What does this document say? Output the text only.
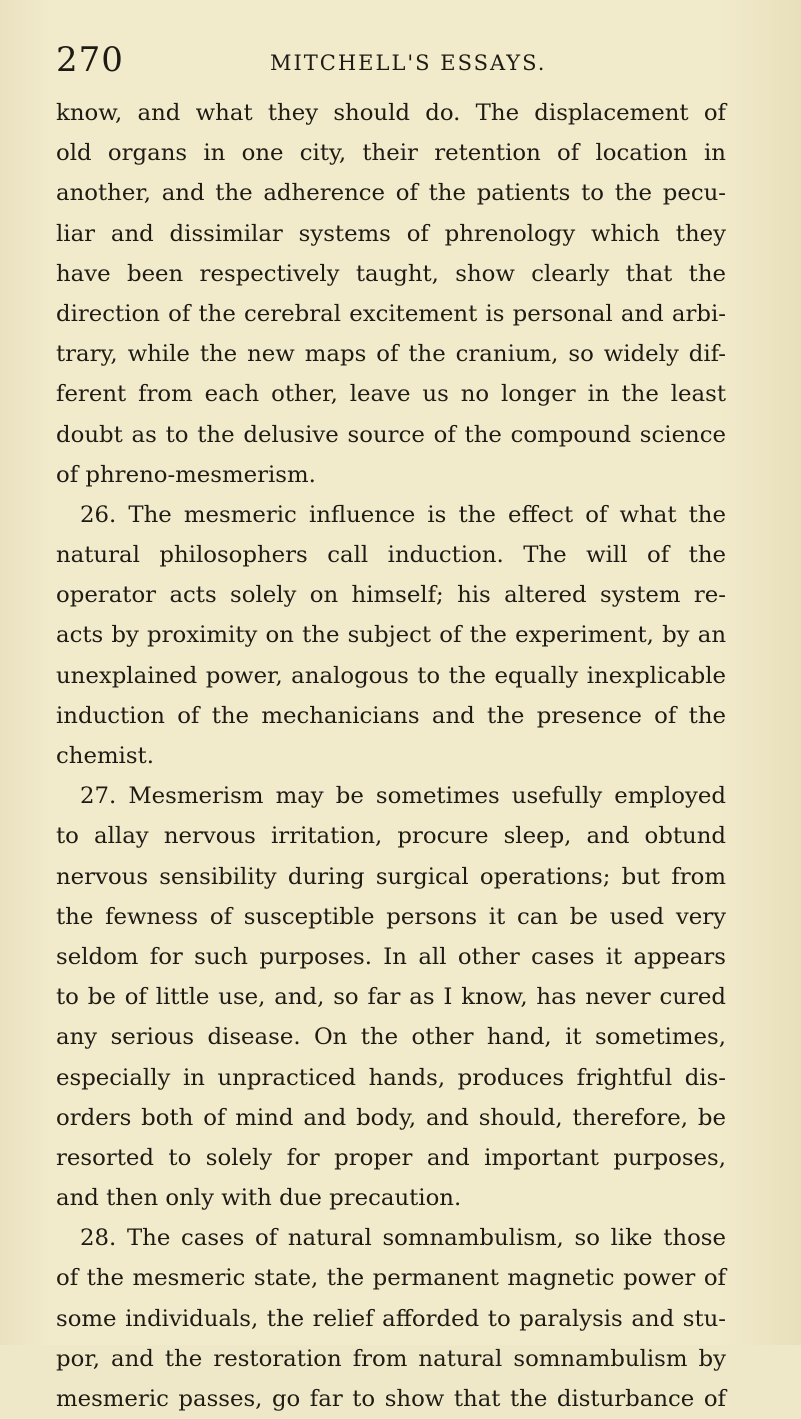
270	MITCHELL'S ESSAYS.
know, and what they should do. The displacement of
old organs in one city, their retention of location in
another, and the adherence of the patients to the pecu-
liar and dissimilar systems of phrenology which they
have been respectively taught, show clearly that the
direction of the cerebral excitement is personal and arbi-
trary, while the new maps of the cranium, so widely dif-
ferent from each other, leave us no longer in the least
doubt as to the delusive source of the compound science
of phreno-mesmerism.
26. The mesmeric influence is the effect of what the
natural philosophers call induction. The will of the
operator acts solely on himself; his altered system re-
acts by proximity on the subject of the experiment, by an
unexplained power, analogous to the equally inexplicable
induction of the mechanicians and the presence of the
chemist.
27. Mesmerism may be sometimes usefully employed
to allay nervous irritation, procure sleep, and obtund
nervous sensibility during surgical operations; but from
the fewness of susceptible persons it can be used very
seldom for such purposes. In all other cases it appears
to be of little use, and, so far as I know, has never cured
any serious disease. On the other hand, it sometimes,
especially in unpracticed hands, produces frightful dis-
orders both of mind and body, and should, therefore, be
resorted to solely for proper and important purposes,
and then only with due precaution.
28. The cases of natural somnambulism, so like those
of the mesmeric state, the permanent magnetic power of
some individuals, the relief afforded to paralysis and stu-
por, and the restoration from natural somnambulism by
mesmeric passes, go far to show that the disturbance of
